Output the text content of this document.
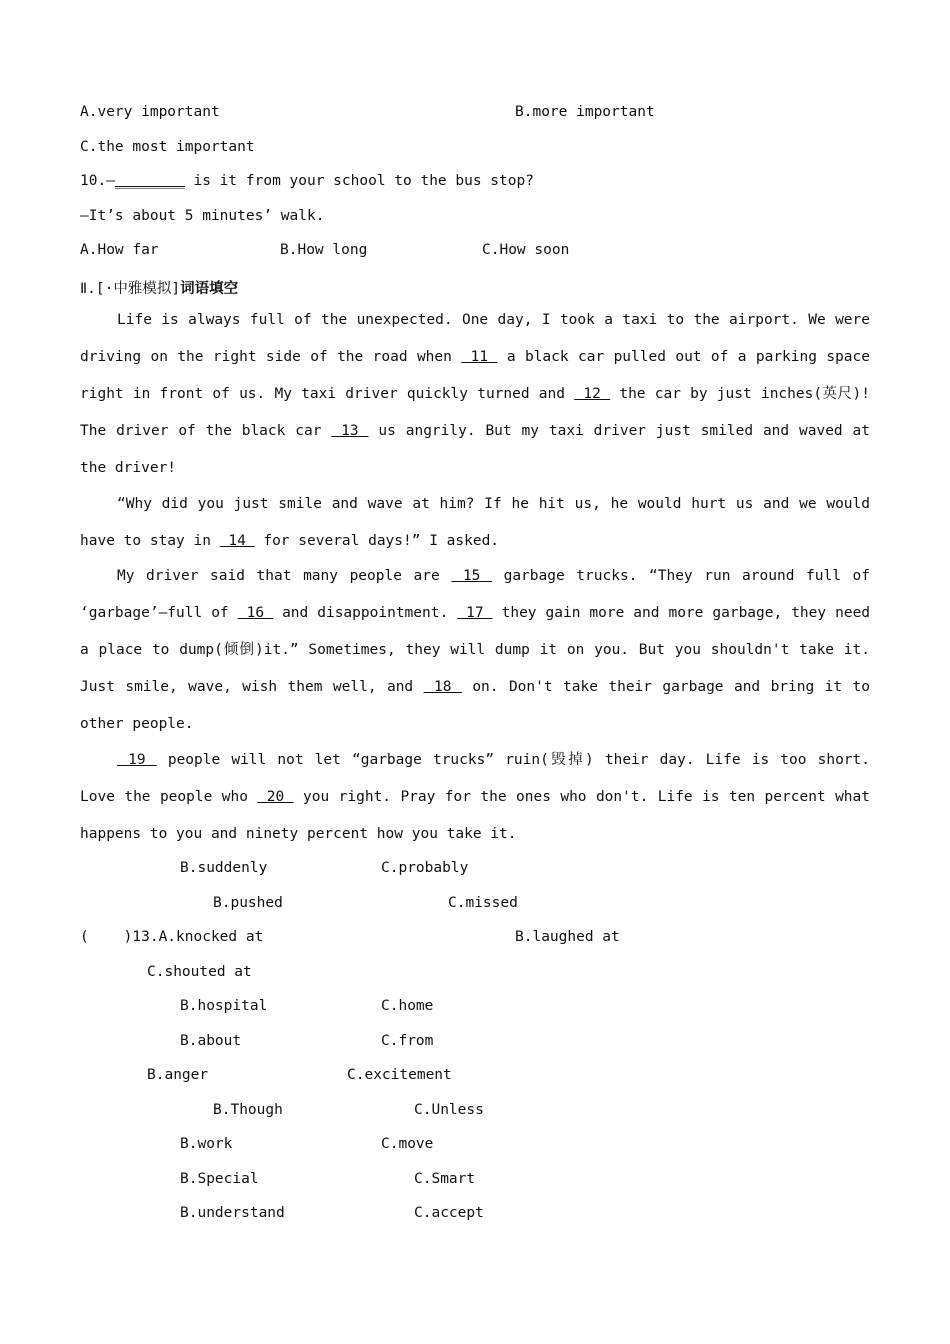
A.very important	B.more important
C.the most important
10.—________ is it from your school to the bus stop?
—It’s about 5 minutes’ walk.
A.How far	B.How long	C.How soon
Ⅱ.[·中雅模拟]词语填空
Life is always full of the unexpected. One day, I took a taxi to the airport. We were driving on the right side of the road when  11  a black car pulled out of a parking space right in front of us. My taxi driver quickly turned and  12  the car by just inches(英尺)! The driver of the black car  13  us angrily. But my taxi driver just smiled and waved at the driver!
“Why did you just smile and wave at him? If he hit us, he would hurt us and we would have to stay in  14  for several days!” I asked.
My driver said that many people are  15  garbage trucks. “They run around full of ‘garbage’—full of  16  and disappointment.  17  they gain more and more garbage, they need a place to dump(倾倒)it.” Sometimes, they will dump it on you. But you shouldn't take it. Just smile, wave, wish them well, and  18  on. Don't take their garbage and bring it to other people.
19  people will not let “garbage trucks” ruin(毁掉) their day. Life is too short. Love the people who  20  you right. Pray for the ones who don't. Life is ten percent what happens to you and ninety percent how you take it.
B.suddenly	C.probably
B.pushed	C.missed
(    )13.A.knocked at	B.laughed at
C.shouted at
B.hospital	C.home
B.about	C.from
B.anger	C.excitement
B.Though	C.Unless
B.work	C.move
B.Special	C.Smart
B.understand	C.accept
